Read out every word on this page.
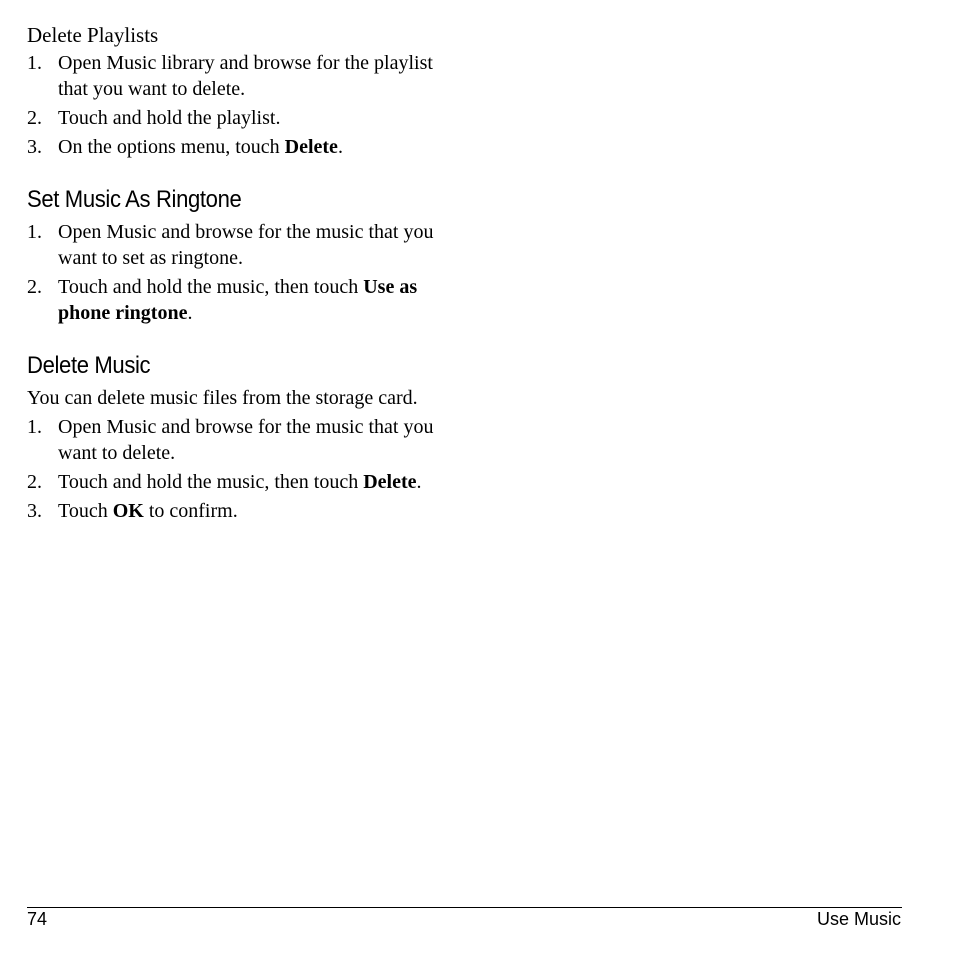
Delete Playlists
1. Open Music library and browse for the playlist that you want to delete.
2. Touch and hold the playlist.
3. On the options menu, touch Delete.
Set Music As Ringtone
1. Open Music and browse for the music that you want to set as ringtone.
2. Touch and hold the music, then touch Use as phone ringtone.
Delete Music
You can delete music files from the storage card.
1. Open Music and browse for the music that you want to delete.
2. Touch and hold the music, then touch Delete.
3. Touch OK to confirm.
74	Use Music
